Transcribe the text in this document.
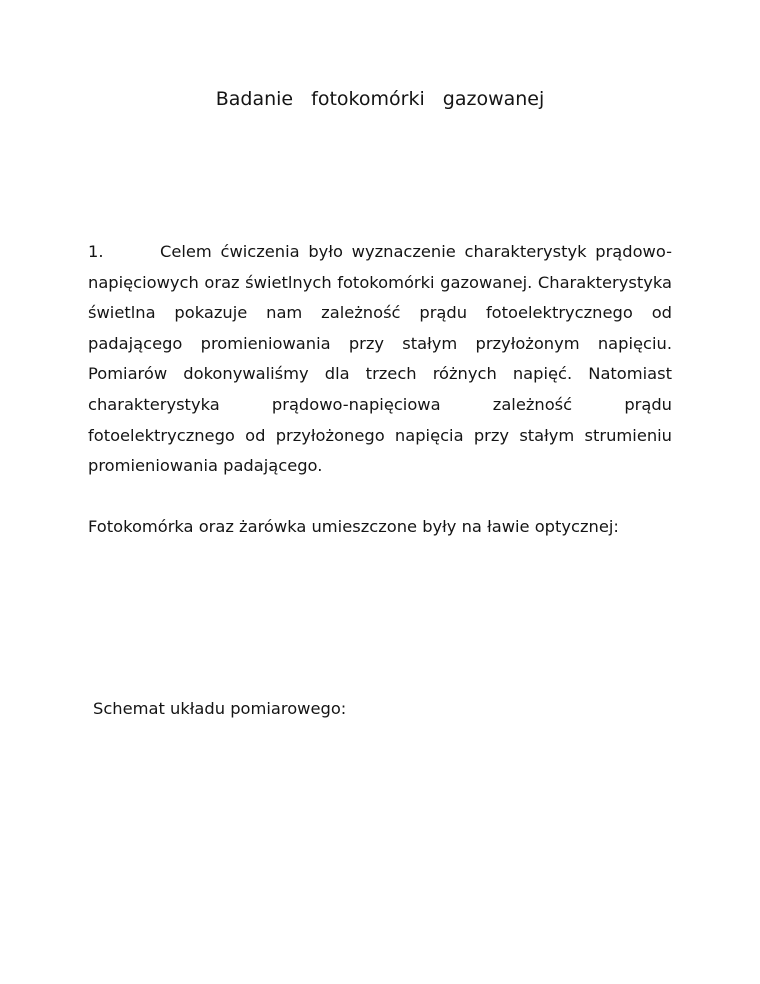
Badanie fotokomórki gazowanej

1.	Celem ćwiczenia było wyznaczenie charakterystyk prądowo-napięciowych oraz świetlnych fotokomórki gazowanej. Charakterystyka świetlna pokazuje nam zależność prądu fotoelektrycznego od padającego promieniowania przy stałym przyłożonym napięciu. Pomiarów dokonywaliśmy dla trzech różnych napięć. Natomiast charakterystyka prądowo-napięciowa zależność prądu fotoelektrycznego od przyłożonego napięcia przy stałym strumieniu promieniowania padającego.

Fotokomórka oraz żarówka umieszczone były na ławie optycznej:

Schemat układu pomiarowego:
